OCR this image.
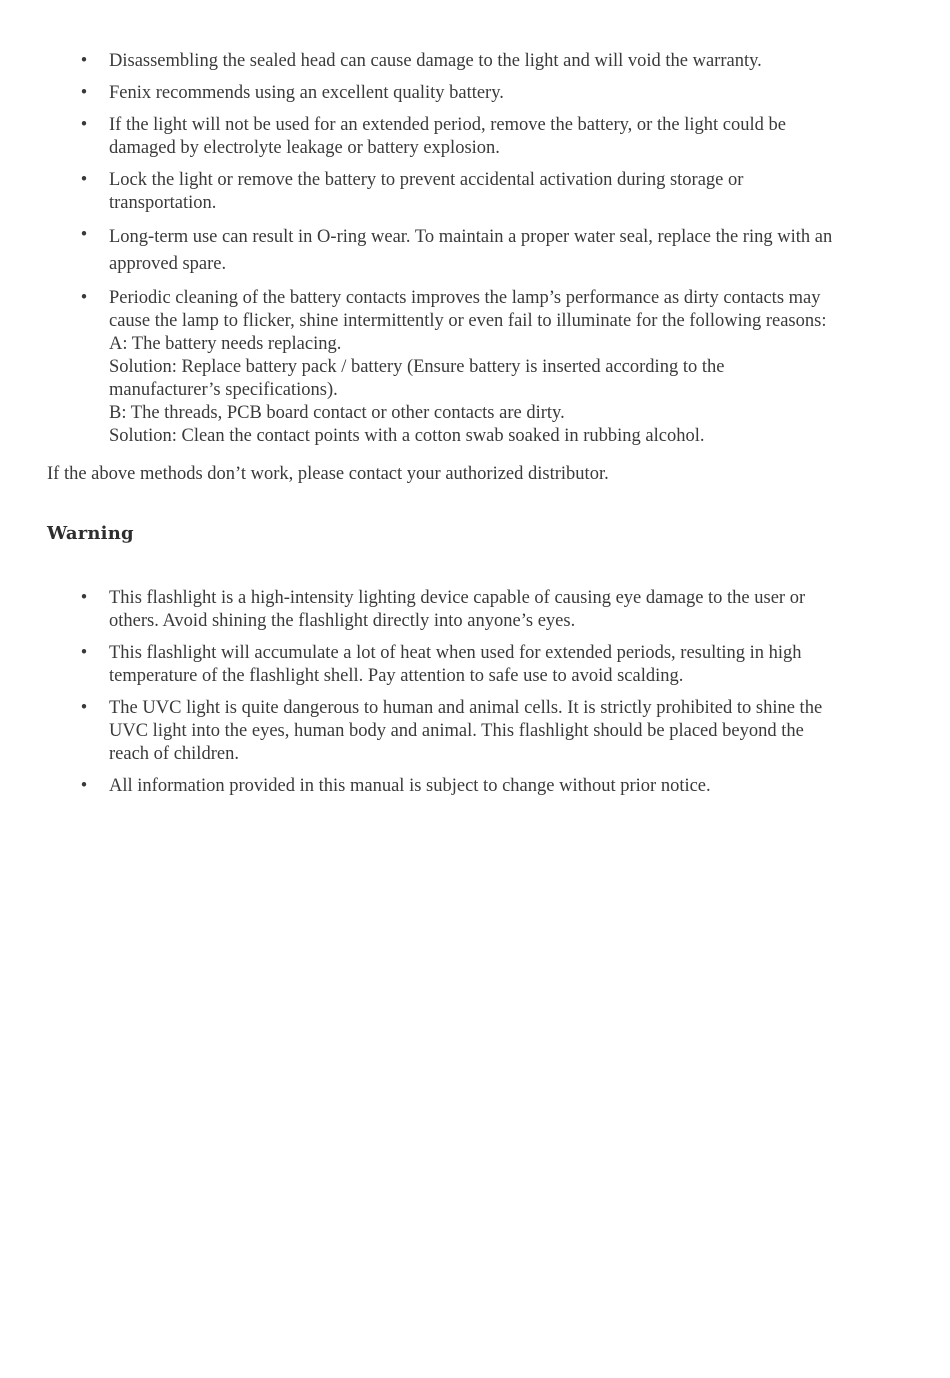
• Disassembling the sealed head can cause damage to the light and will void the warranty.
• Fenix recommends using an excellent quality battery.
• If the light will not be used for an extended period, remove the battery, or the light could be damaged by electrolyte leakage or battery explosion.
• Lock the light or remove the battery to prevent accidental activation during storage or transportation.
• Long-term use can result in O-ring wear. To maintain a proper water seal, replace the ring with an approved spare.
• Periodic cleaning of the battery contacts improves the lamp’s performance as dirty contacts may cause the lamp to flicker, shine intermittently or even fail to illuminate for the following reasons:
A: The battery needs replacing.
Solution: Replace battery pack / battery (Ensure battery is inserted according to the manufacturer’s specifications).
B: The threads, PCB board contact or other contacts are dirty.
Solution: Clean the contact points with a cotton swab soaked in rubbing alcohol.

If the above methods don’t work, please contact your authorized distributor.

Warning
• This flashlight is a high-intensity lighting device capable of causing eye damage to the user or others. Avoid shining the flashlight directly into anyone’s eyes.
• This flashlight will accumulate a lot of heat when used for extended periods, resulting in high temperature of the flashlight shell. Pay attention to safe use to avoid scalding.
• The UVC light is quite dangerous to human and animal cells. It is strictly prohibited to shine the UVC light into the eyes, human body and animal. This flashlight should be placed beyond the reach of children.
• All information provided in this manual is subject to change without prior notice.
